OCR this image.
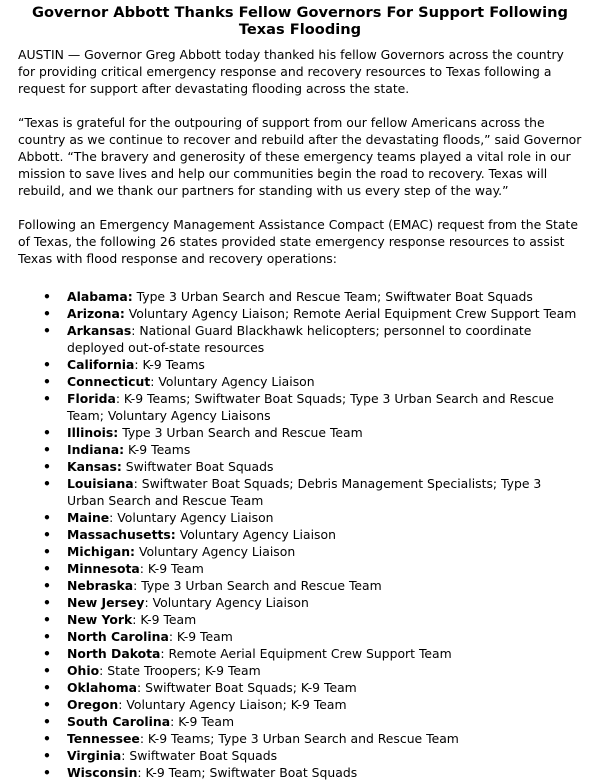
Governor Abbott Thanks Fellow Governors For Support Following Texas Flooding

AUSTIN — Governor Greg Abbott today thanked his fellow Governors across the country for providing critical emergency response and recovery resources to Texas following a request for support after devastating flooding across the state.

“Texas is grateful for the outpouring of support from our fellow Americans across the country as we continue to recover and rebuild after the devastating floods,” said Governor Abbott. “The bravery and generosity of these emergency teams played a vital role in our mission to save lives and help our communities begin the road to recovery. Texas will rebuild, and we thank our partners for standing with us every step of the way.”

Following an Emergency Management Assistance Compact (EMAC) request from the State of Texas, the following 26 states provided state emergency response resources to assist Texas with flood response and recovery operations:

• Alabama: Type 3 Urban Search and Rescue Team; Swiftwater Boat Squads
• Arizona: Voluntary Agency Liaison; Remote Aerial Equipment Crew Support Team
• Arkansas: National Guard Blackhawk helicopters; personnel to coordinate deployed out-of-state resources
• California: K-9 Teams
• Connecticut: Voluntary Agency Liaison
• Florida: K-9 Teams; Swiftwater Boat Squads; Type 3 Urban Search and Rescue Team; Voluntary Agency Liaisons
• Illinois: Type 3 Urban Search and Rescue Team
• Indiana: K-9 Teams
• Kansas: Swiftwater Boat Squads
• Louisiana: Swiftwater Boat Squads; Debris Management Specialists; Type 3 Urban Search and Rescue Team
• Maine: Voluntary Agency Liaison
• Massachusetts: Voluntary Agency Liaison
• Michigan: Voluntary Agency Liaison
• Minnesota: K-9 Team
• Nebraska: Type 3 Urban Search and Rescue Team
• New Jersey: Voluntary Agency Liaison
• New York: K-9 Team
• North Carolina: K-9 Team
• North Dakota: Remote Aerial Equipment Crew Support Team
• Ohio: State Troopers; K-9 Team
• Oklahoma: Swiftwater Boat Squads; K-9 Team
• Oregon: Voluntary Agency Liaison; K-9 Team
• South Carolina: K-9 Team
• Tennessee: K-9 Teams; Type 3 Urban Search and Rescue Team
• Virginia: Swiftwater Boat Squads
• Wisconsin: K-9 Team; Swiftwater Boat Squads
